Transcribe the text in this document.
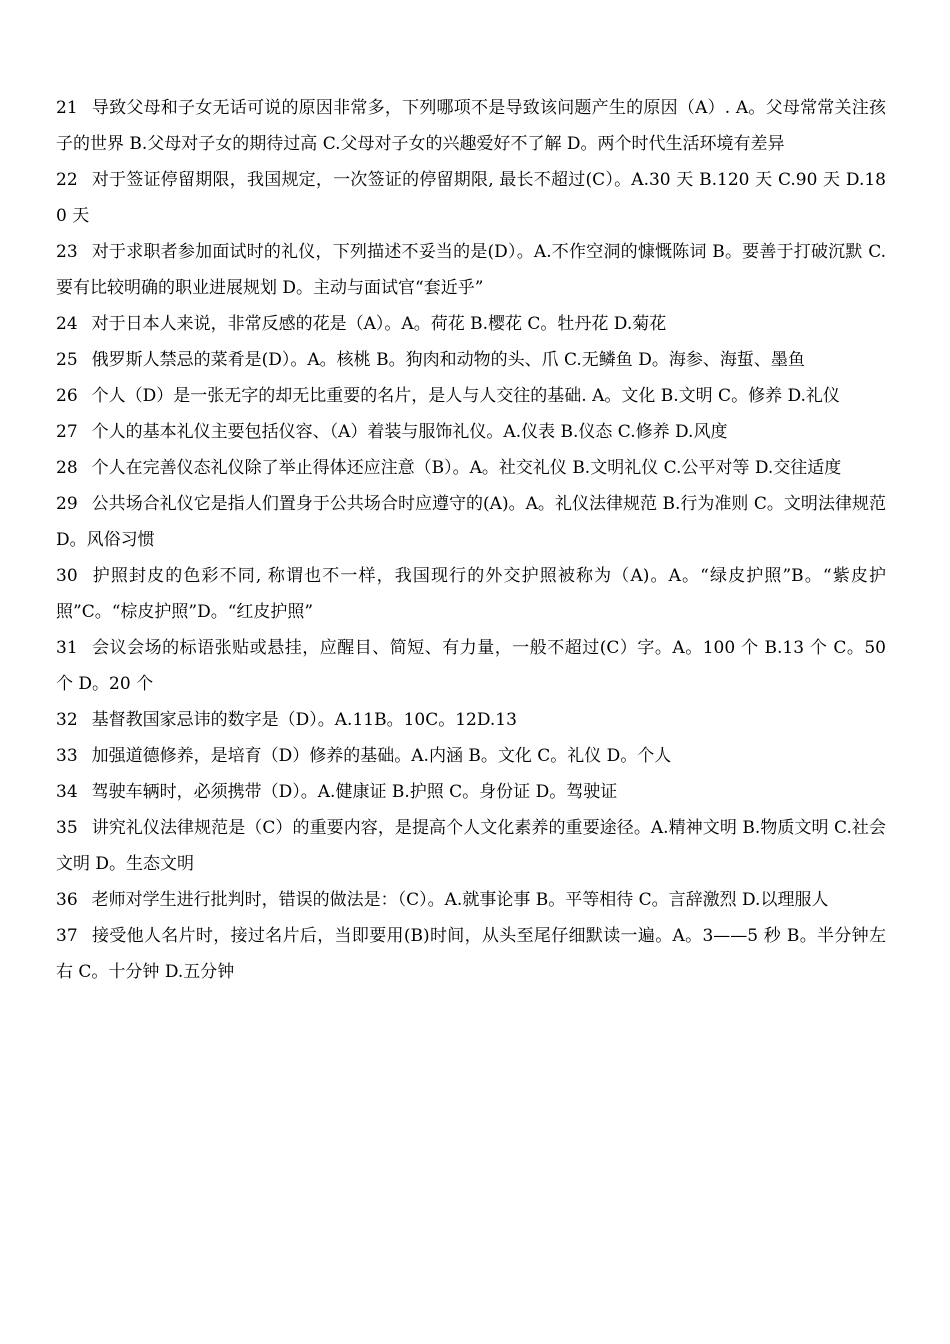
21 导致父母和子女无话可说的原因非常多，下列哪项不是导致该问题产生的原因（A）. A。父母常常关注孩子的世界 B.父母对子女的期待过高 C.父母对子女的兴趣爱好不了解 D。两个时代生活环境有差异

22 对于签证停留期限，我国规定，一次签证的停留期限, 最长不超过(C）。A.30 天 B.120 天 C.90 天 D.180 天

23 对于求职者参加面试时的礼仪，下列描述不妥当的是(D）。A.不作空洞的慷慨陈词 B。要善于打破沉默 C.要有比较明确的职业进展规划 D。主动与面试官“套近乎”

24 对于日本人来说，非常反感的花是（A）。A。荷花 B.樱花 C。牡丹花 D.菊花

25 俄罗斯人禁忌的菜肴是(D）。A。核桃 B。狗肉和动物的头、爪 C.无鳞鱼 D。海参、海蜇、墨鱼

26 个人（D）是一张无字的却无比重要的名片，是人与人交往的基础. A。文化 B.文明 C。修养 D.礼仪

27 个人的基本礼仪主要包括仪容、（A）着装与服饰礼仪。A.仪表 B.仪态 C.修养 D.风度

28 个人在完善仪态礼仪除了举止得体还应注意（B）。A。社交礼仪 B.文明礼仪 C.公平对等 D.交往适度

29 公共场合礼仪它是指人们置身于公共场合时应遵守的(A)。A。礼仪法律规范 B.行为准则 C。文明法律规范 D。风俗习惯

30 护照封皮的色彩不同, 称谓也不一样，我国现行的外交护照被称为（A)。A。“绿皮护照”B。“紫皮护照”C。“棕皮护照”D。“红皮护照”

31 会议会场的标语张贴或悬挂，应醒目、简短、有力量，一般不超过(C）字。A。100 个 B.13 个 C。50 个 D。20 个

32 基督教国家忌讳的数字是（D）。A.11B。10C。12D.13

33 加强道德修养，是培育（D）修养的基础。A.内涵 B。文化 C。礼仪 D。个人

34 驾驶车辆时，必须携带（D）。A.健康证 B.护照 C。身份证 D。驾驶证

35 讲究礼仪法律规范是（C）的重要内容，是提高个人文化素养的重要途径。A.精神文明 B.物质文明 C.社会文明 D。生态文明

36 老师对学生进行批判时，错误的做法是：（C）。A.就事论事 B。平等相待 C。言辞激烈 D.以理服人

37 接受他人名片时，接过名片后，当即要用(B)时间，从头至尾仔细默读一遍。A。3——5 秒 B。半分钟左右 C。十分钟 D.五分钟
